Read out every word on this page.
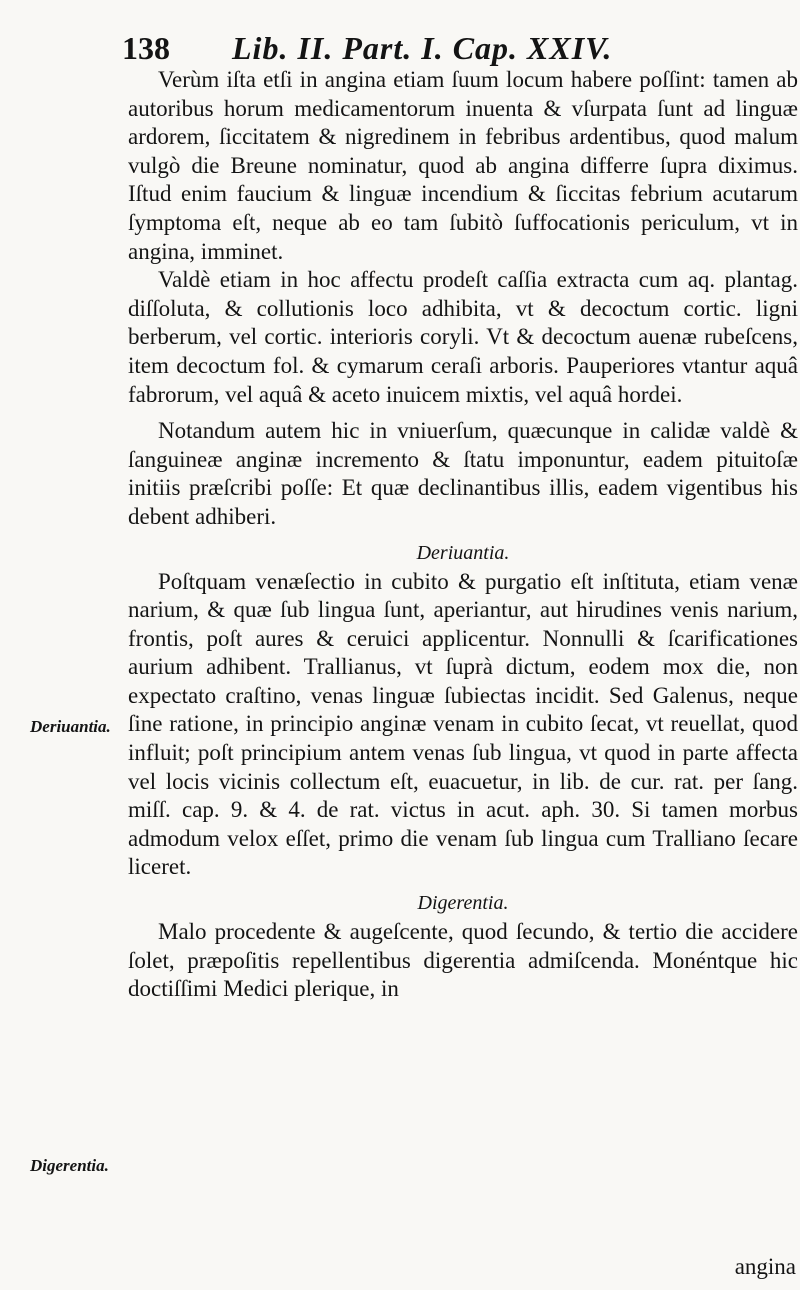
138 Lib. II. Part. I. Cap. XXIV.
Deriuantia.
Digerentia.

Verùm iſta etſi in angina etiam ſuum locum habere poſſint: tamen ab autoribus horum medicamentorum inuenta & vſurpata ſunt ad linguæ ardorem, ſiccitatem & nigredinem in febribus ardentibus, quod malum vulgò die Breune nominatur, quod ab angina differre ſupra diximus. Iſtud enim faucium & linguæ incendium & ſiccitas febrium acutarum ſymptoma eſt, neque ab eo tam ſubitò ſuffocationis periculum, vt in angina, imminet.

Valdè etiam in hoc affectu prodeſt caſſia extracta cum aq. plantag. diſſoluta, & collutionis loco adhibita, vt & decoctum cortic. ligni berberum, vel cortic. interioris coryli. Vt & decoctum auenæ rubeſcens, item decoctum fol. & cymarum ceraſi arboris. Pauperiores vtantur aquâ fabrorum, vel aquâ & aceto inuicem mixtis, vel aquâ hordei.

Notandum autem hic in vniuerſum, quæcunque in calidæ valdè & ſanguineæ anginæ incremento & ſtatu imponuntur, eadem pituitoſæ initiis præſcribi poſſe: Et quæ declinantibus illis, eadem vigentibus his debent adhiberi.

Deriuantia.

Poſtquam venæſectio in cubito & purgatio eſt inſtituta, etiam venæ narium, & quæ ſub lingua ſunt, aperiantur, aut hirudines venis narium, frontis, poſt aures & ceruici applicentur. Nonnulli & ſcarificationes aurium adhibent. Trallianus, vt ſuprà dictum, eodem mox die, non expectato craſtino, venas linguæ ſubiectas incidit. Sed Galenus, neque ſine ratione, in principio anginæ venam in cubito ſecat, vt reuellat, quod influit; poſt principium antem venas ſub lingua, vt quod in parte affecta vel locis vicinis collectum eſt, euacuetur, in lib. de cur. rat. per ſang. miſſ. cap. 9. & 4. de rat. victus in acut. aph. 30. Si tamen morbus admodum velox eſſet, primo die venam ſub lingua cum Tralliano ſecare liceret.

Digerentia.

Malo procedente & augeſcente, quod ſecundo, & tertio die accidere ſolet, præpoſitis repellentibus digerentia admiſcenda. Monéntque hic doctiſſimi Medici plerique, in

angina
